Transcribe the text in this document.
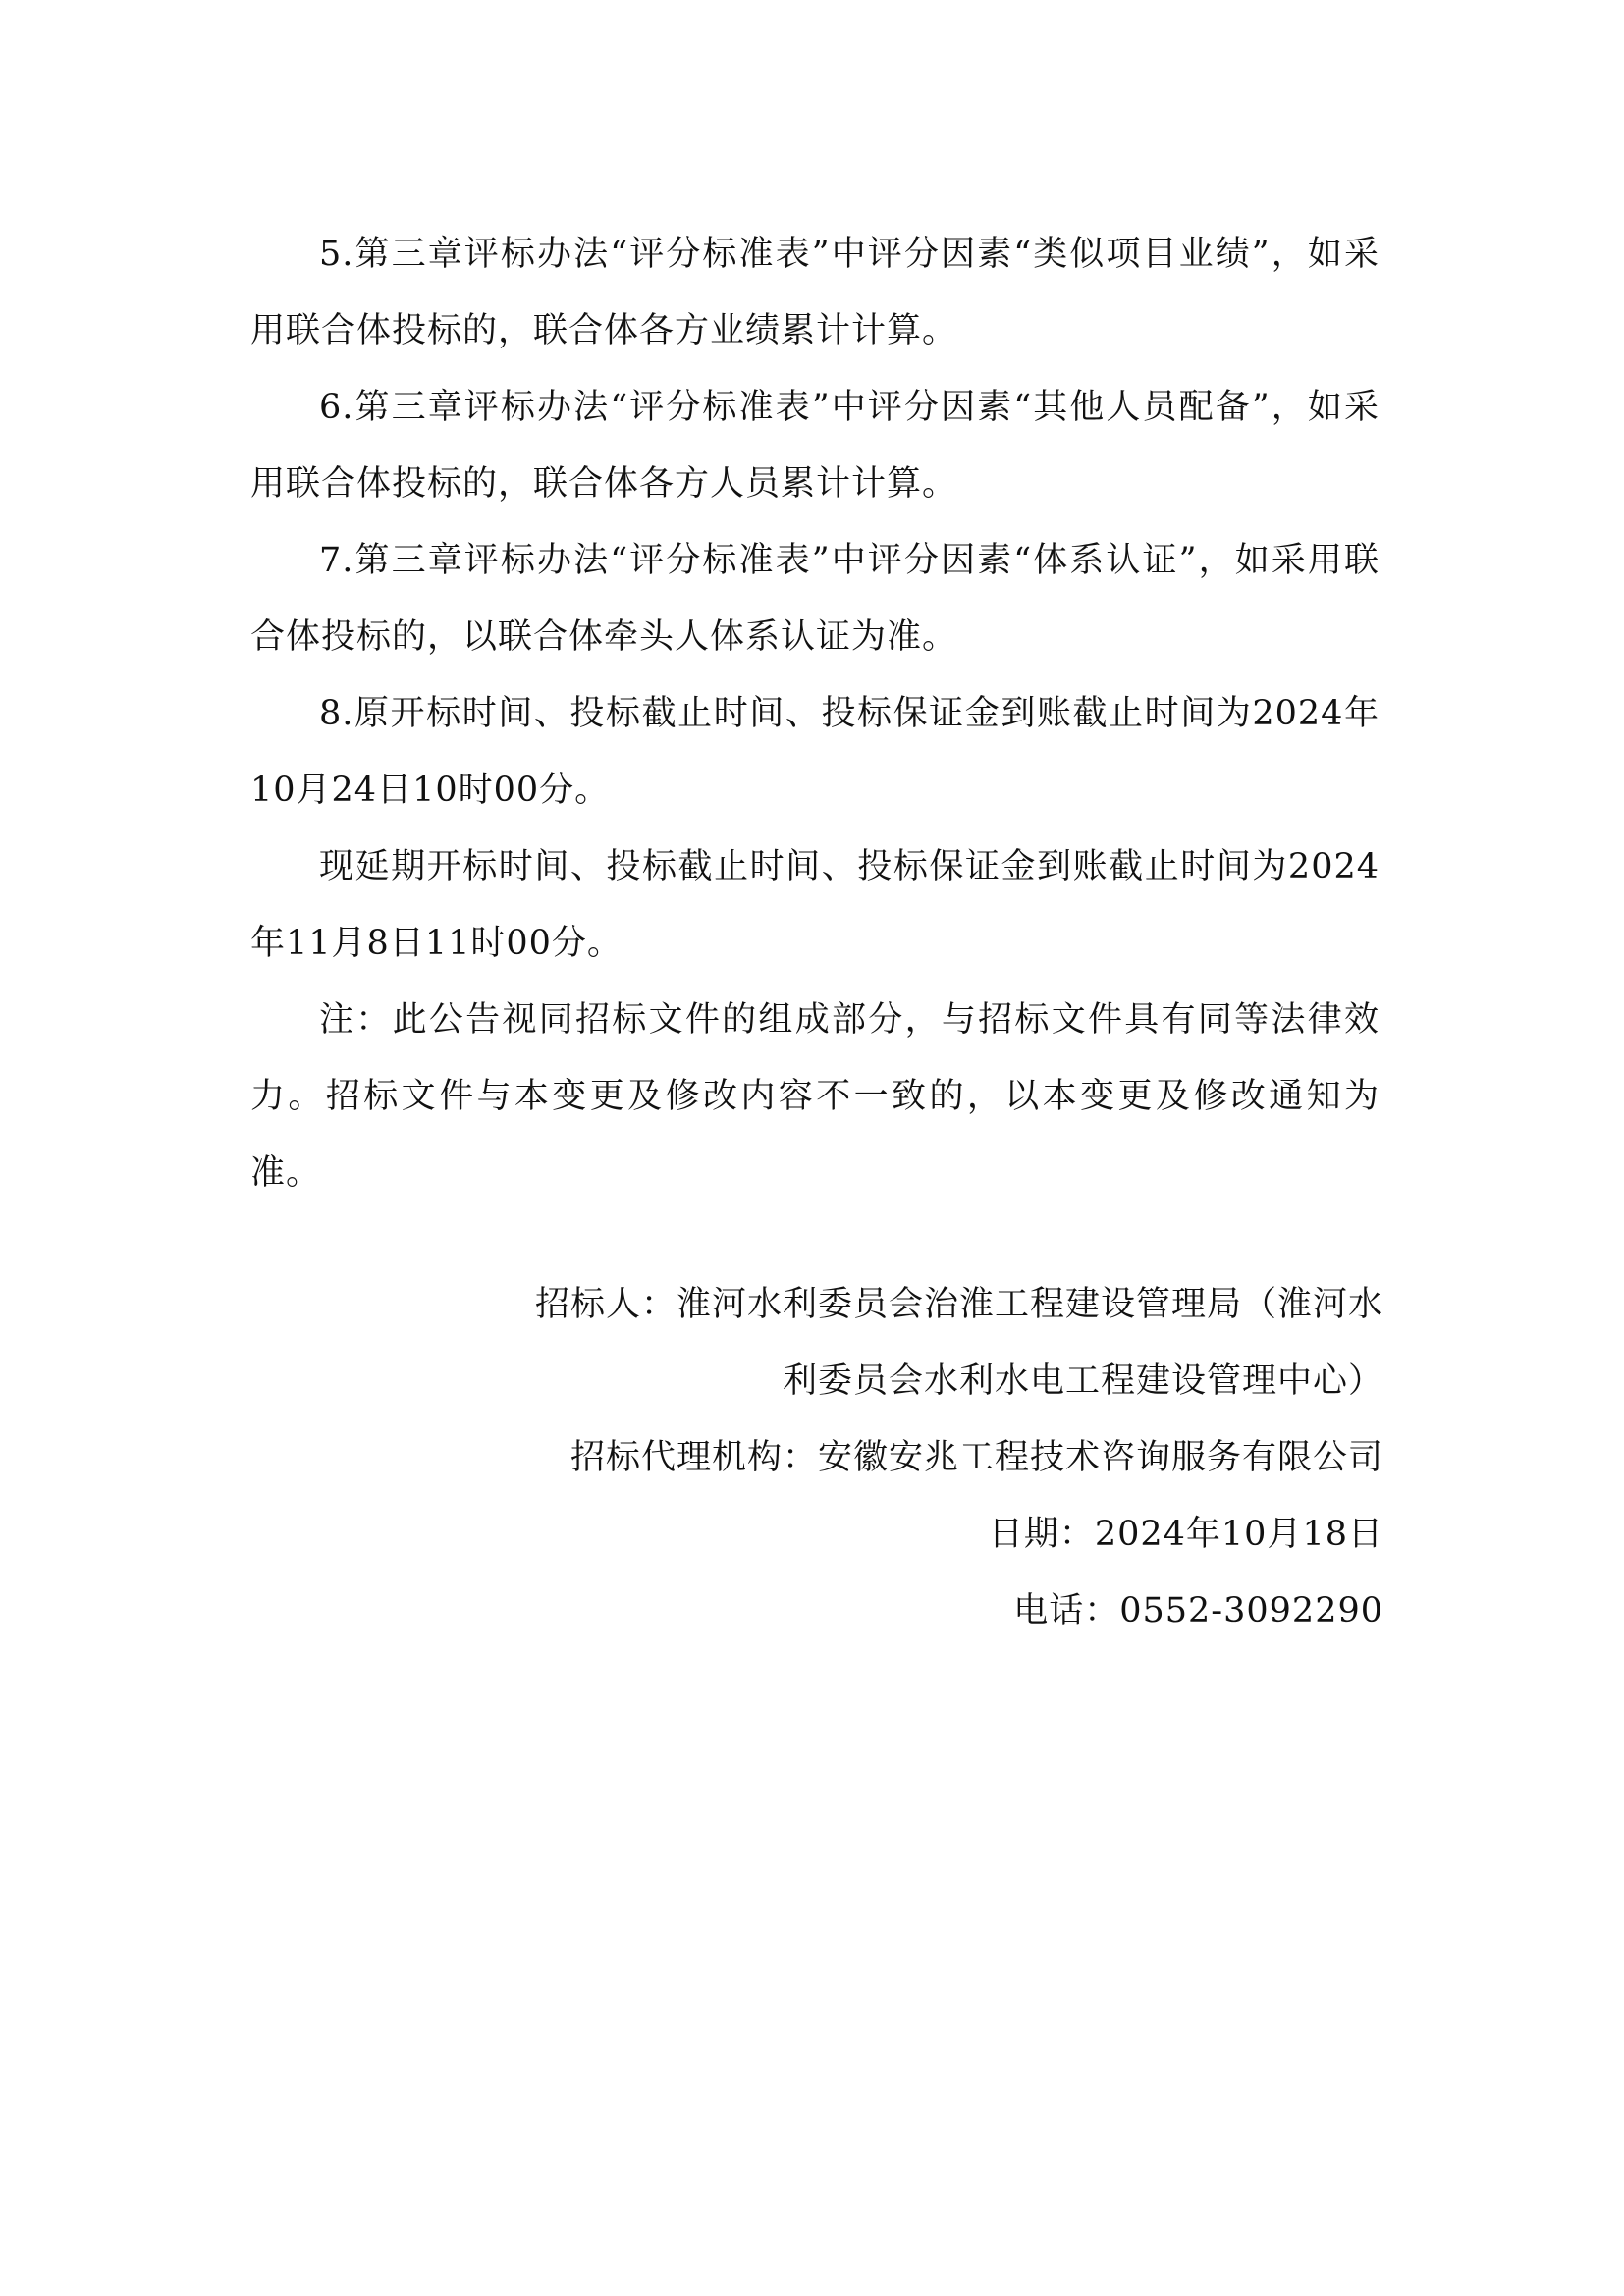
5.第三章评标办法“评分标准表”中评分因素“类似项目业绩”，如采用联合体投标的，联合体各方业绩累计计算。

6.第三章评标办法“评分标准表”中评分因素“其他人员配备”，如采用联合体投标的，联合体各方人员累计计算。

7.第三章评标办法“评分标准表”中评分因素“体系认证”，如采用联合体投标的，以联合体牵头人体系认证为准。

8.原开标时间、投标截止时间、投标保证金到账截止时间为2024年10月24日10时00分。

现延期开标时间、投标截止时间、投标保证金到账截止时间为2024年11月8日11时00分。

注：此公告视同招标文件的组成部分，与招标文件具有同等法律效力。招标文件与本变更及修改内容不一致的，以本变更及修改通知为准。

招标人：淮河水利委员会治淮工程建设管理局（淮河水

利委员会水利水电工程建设管理中心）

招标代理机构：安徽安兆工程技术咨询服务有限公司

日期：2024年10月18日

电话：0552-3092290
